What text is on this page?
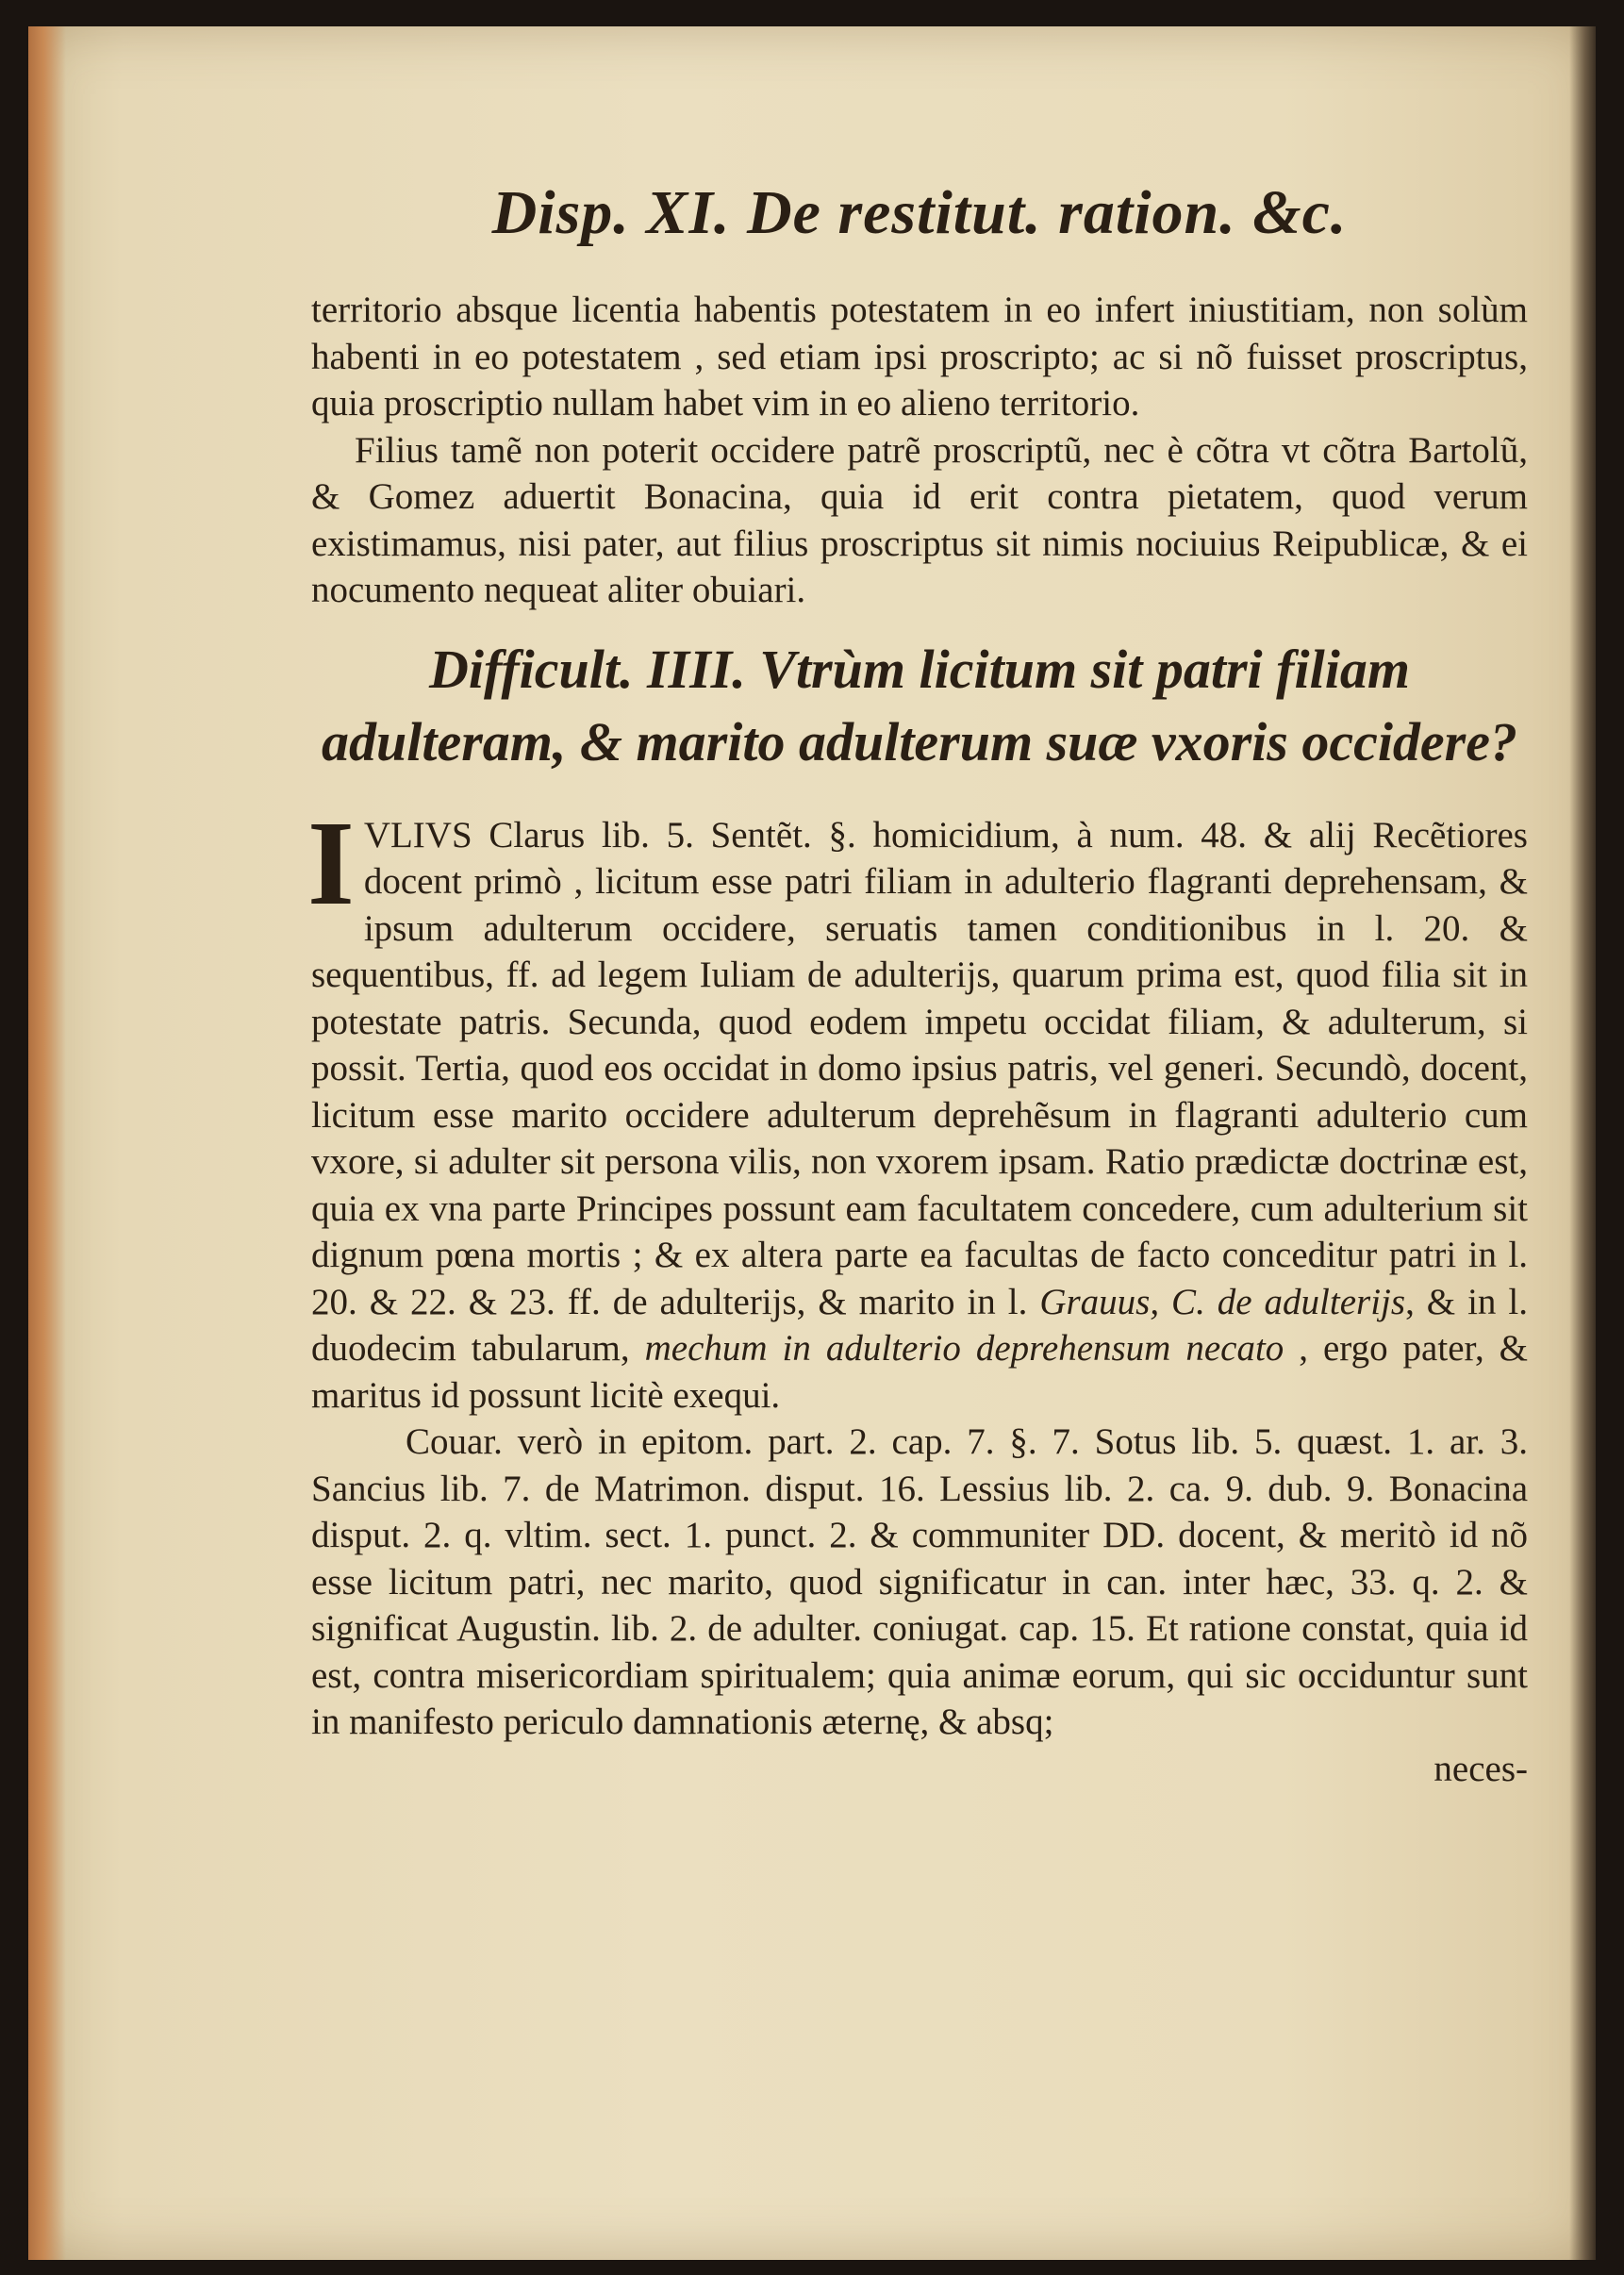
Disp. XI. De restitut. ration. &c.

territorio absque licentia habentis potestatem in eo infert iniustitiam, non solùm habenti in eo potestatem , sed etiam ipsi proscripto; ac si nõ fuisset proscriptus, quia proscriptio nullam habet vim in eo alieno territorio.

Filius tamẽ non poterit occidere patrẽ proscriptũ, nec è cõtra vt cõtra Bartolũ, & Gomez aduertit Bonacina, quia id erit contra pietatem, quod verum existimamus, nisi pater, aut filius proscriptus sit nimis nociuius Reipublicæ, & ei nocumento nequeat aliter obuiari.

Difficult. IIII. Vtrùm licitum sit patri filiam adulteram, & marito adulterum suæ vxoris occidere?

IVLIVS Clarus lib. 5. Sentẽt. §. homicidium, à num. 48. & alij Recẽtiores docent primò , licitum esse patri filiam in adulterio flagranti deprehensam, & ipsum adulterum occidere, seruatis tamen conditionibus in l. 20. & sequentibus, ff. ad legem Iuliam de adulterijs, quarum prima est, quod filia sit in potestate patris. Secunda, quod eodem impetu occidat filiam, & adulterum, si possit. Tertia, quod eos occidat in domo ipsius patris, vel generi. Secundò, docent, licitum esse marito occidere adulterum deprehẽsum in flagranti adulterio cum vxore, si adulter sit persona vilis, non vxorem ipsam. Ratio prædictæ doctrinæ est, quia ex vna parte Principes possunt eam facultatem concedere, cum adulterium sit dignum pœna mortis ; & ex altera parte ea facultas de facto conceditur patri in l. 20. & 22. & 23. ff. de adulterijs, & marito in l. Grauus, C. de adulterijs, & in l. duodecim tabularum, mechum in adulterio deprehensum necato , ergo pater, & maritus id possunt licitè exequi.

Couar. verò in epitom. part. 2. cap. 7. §. 7. Sotus lib. 5. quæst. 1. ar. 3. Sancius lib. 7. de Matrimon. disput. 16. Lessius lib. 2. ca. 9. dub. 9. Bonacina disput. 2. q. vltim. sect. 1. punct. 2. & communiter DD. docent, & meritò id nõ esse licitum patri, nec marito, quod significatur in can. inter hæc, 33. q. 2. & significat Augustin. lib. 2. de adulter. coniugat. cap. 15. Et ratione constat, quia id est, contra misericordiam spiritualem; quia animæ eorum, qui sic occiduntur sunt in manifesto periculo damnationis æternę, & absq;

neces-
